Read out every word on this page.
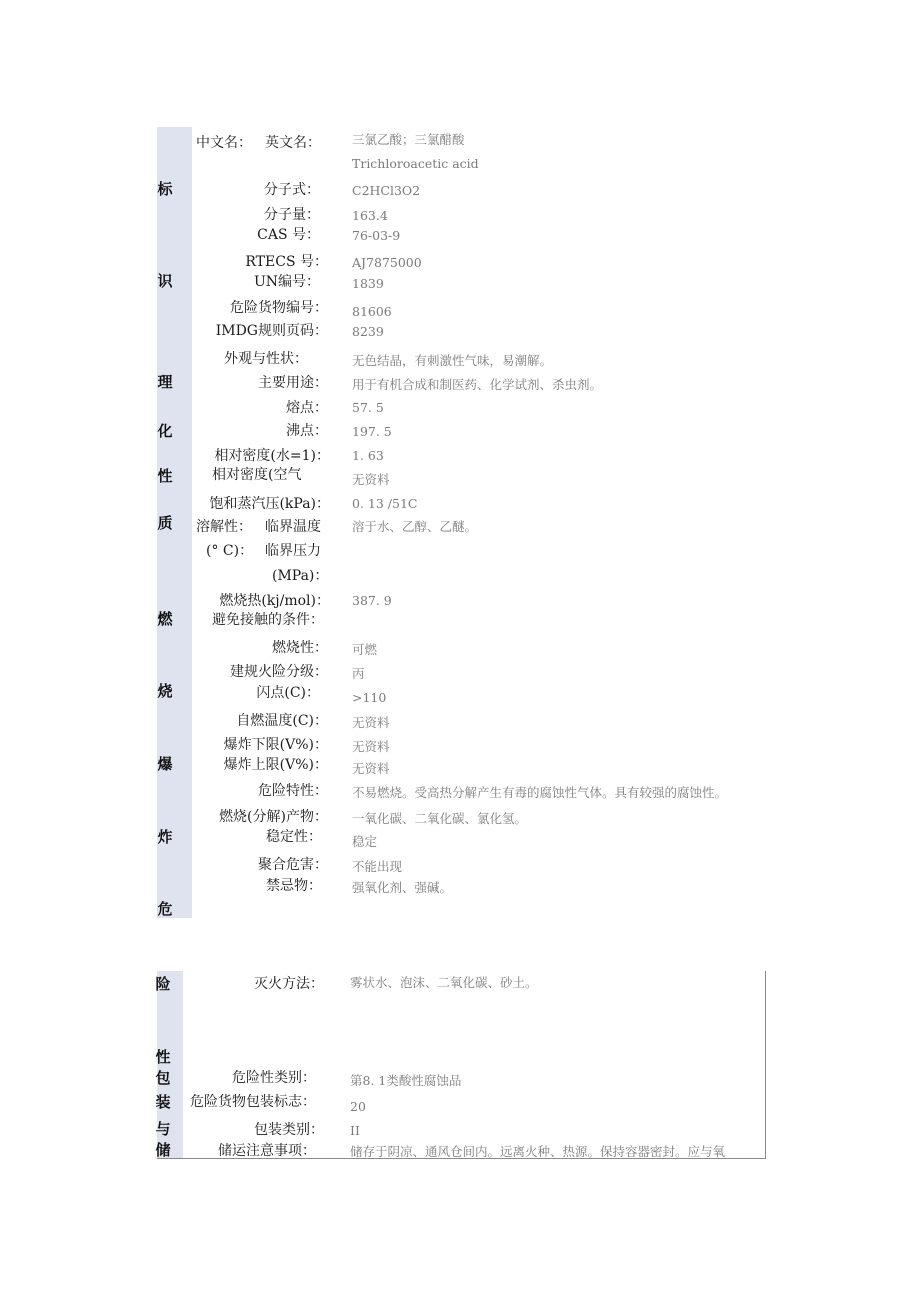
标
识
理
化
性
质
燃
烧
爆
炸
危
中文名： 英文名：
分子式：
分子量：
CAS 号：
RTECS 号：
UN编号：
危险货物编号：
IMDG规则页码：
外观与性状：
主要用途：
熔点：
沸点：
相对密度(水=1)：
相对密度(空气
饱和蒸汽压(kPa)：
溶解性： 临界温度
(° C)： 临界压力
(MPa)：
燃烧热(kj/mol)：
避免接触的条件：
燃烧性：
建规火险分级：
闪点(C)：
自燃温度(C)：
爆炸下限(V%)：
爆炸上限(V%)：
危险特性：
燃烧(分解)产物：
稳定性：
聚合危害：
禁忌物：
三氯乙酸；三氯醋酸
Trichloroacetic acid
C2HCl3O2
163.4
76-03-9
AJ7875000
1839
81606
8239
无色结晶，有刺激性气味，易潮解。
用于有机合成和制医药、化学试剂、杀虫剂。
57. 5
197. 5
1. 63
无资料
0. 13 /51C
溶于水、乙醇、乙醚。
387. 9
可燃
丙
>110
无资料
无资料
无资料
不易燃烧。受高热分解产生有毒的腐蚀性气体。具有较强的腐蚀性。
一氧化碳、二氧化碳、氯化氢。
稳定
不能出现
强氧化剂、强碱。
险
性
包
装
与
储
灭火方法：
危险性类别：
危险货物包装标志：
包装类别：
储运注意事项：
雾状水、泡沫、二氧化碳、砂土。
第8. 1类酸性腐蚀品
20
II
储存于阴凉、通风仓间内。远离火种、热源。保持容器密封。应与氧
